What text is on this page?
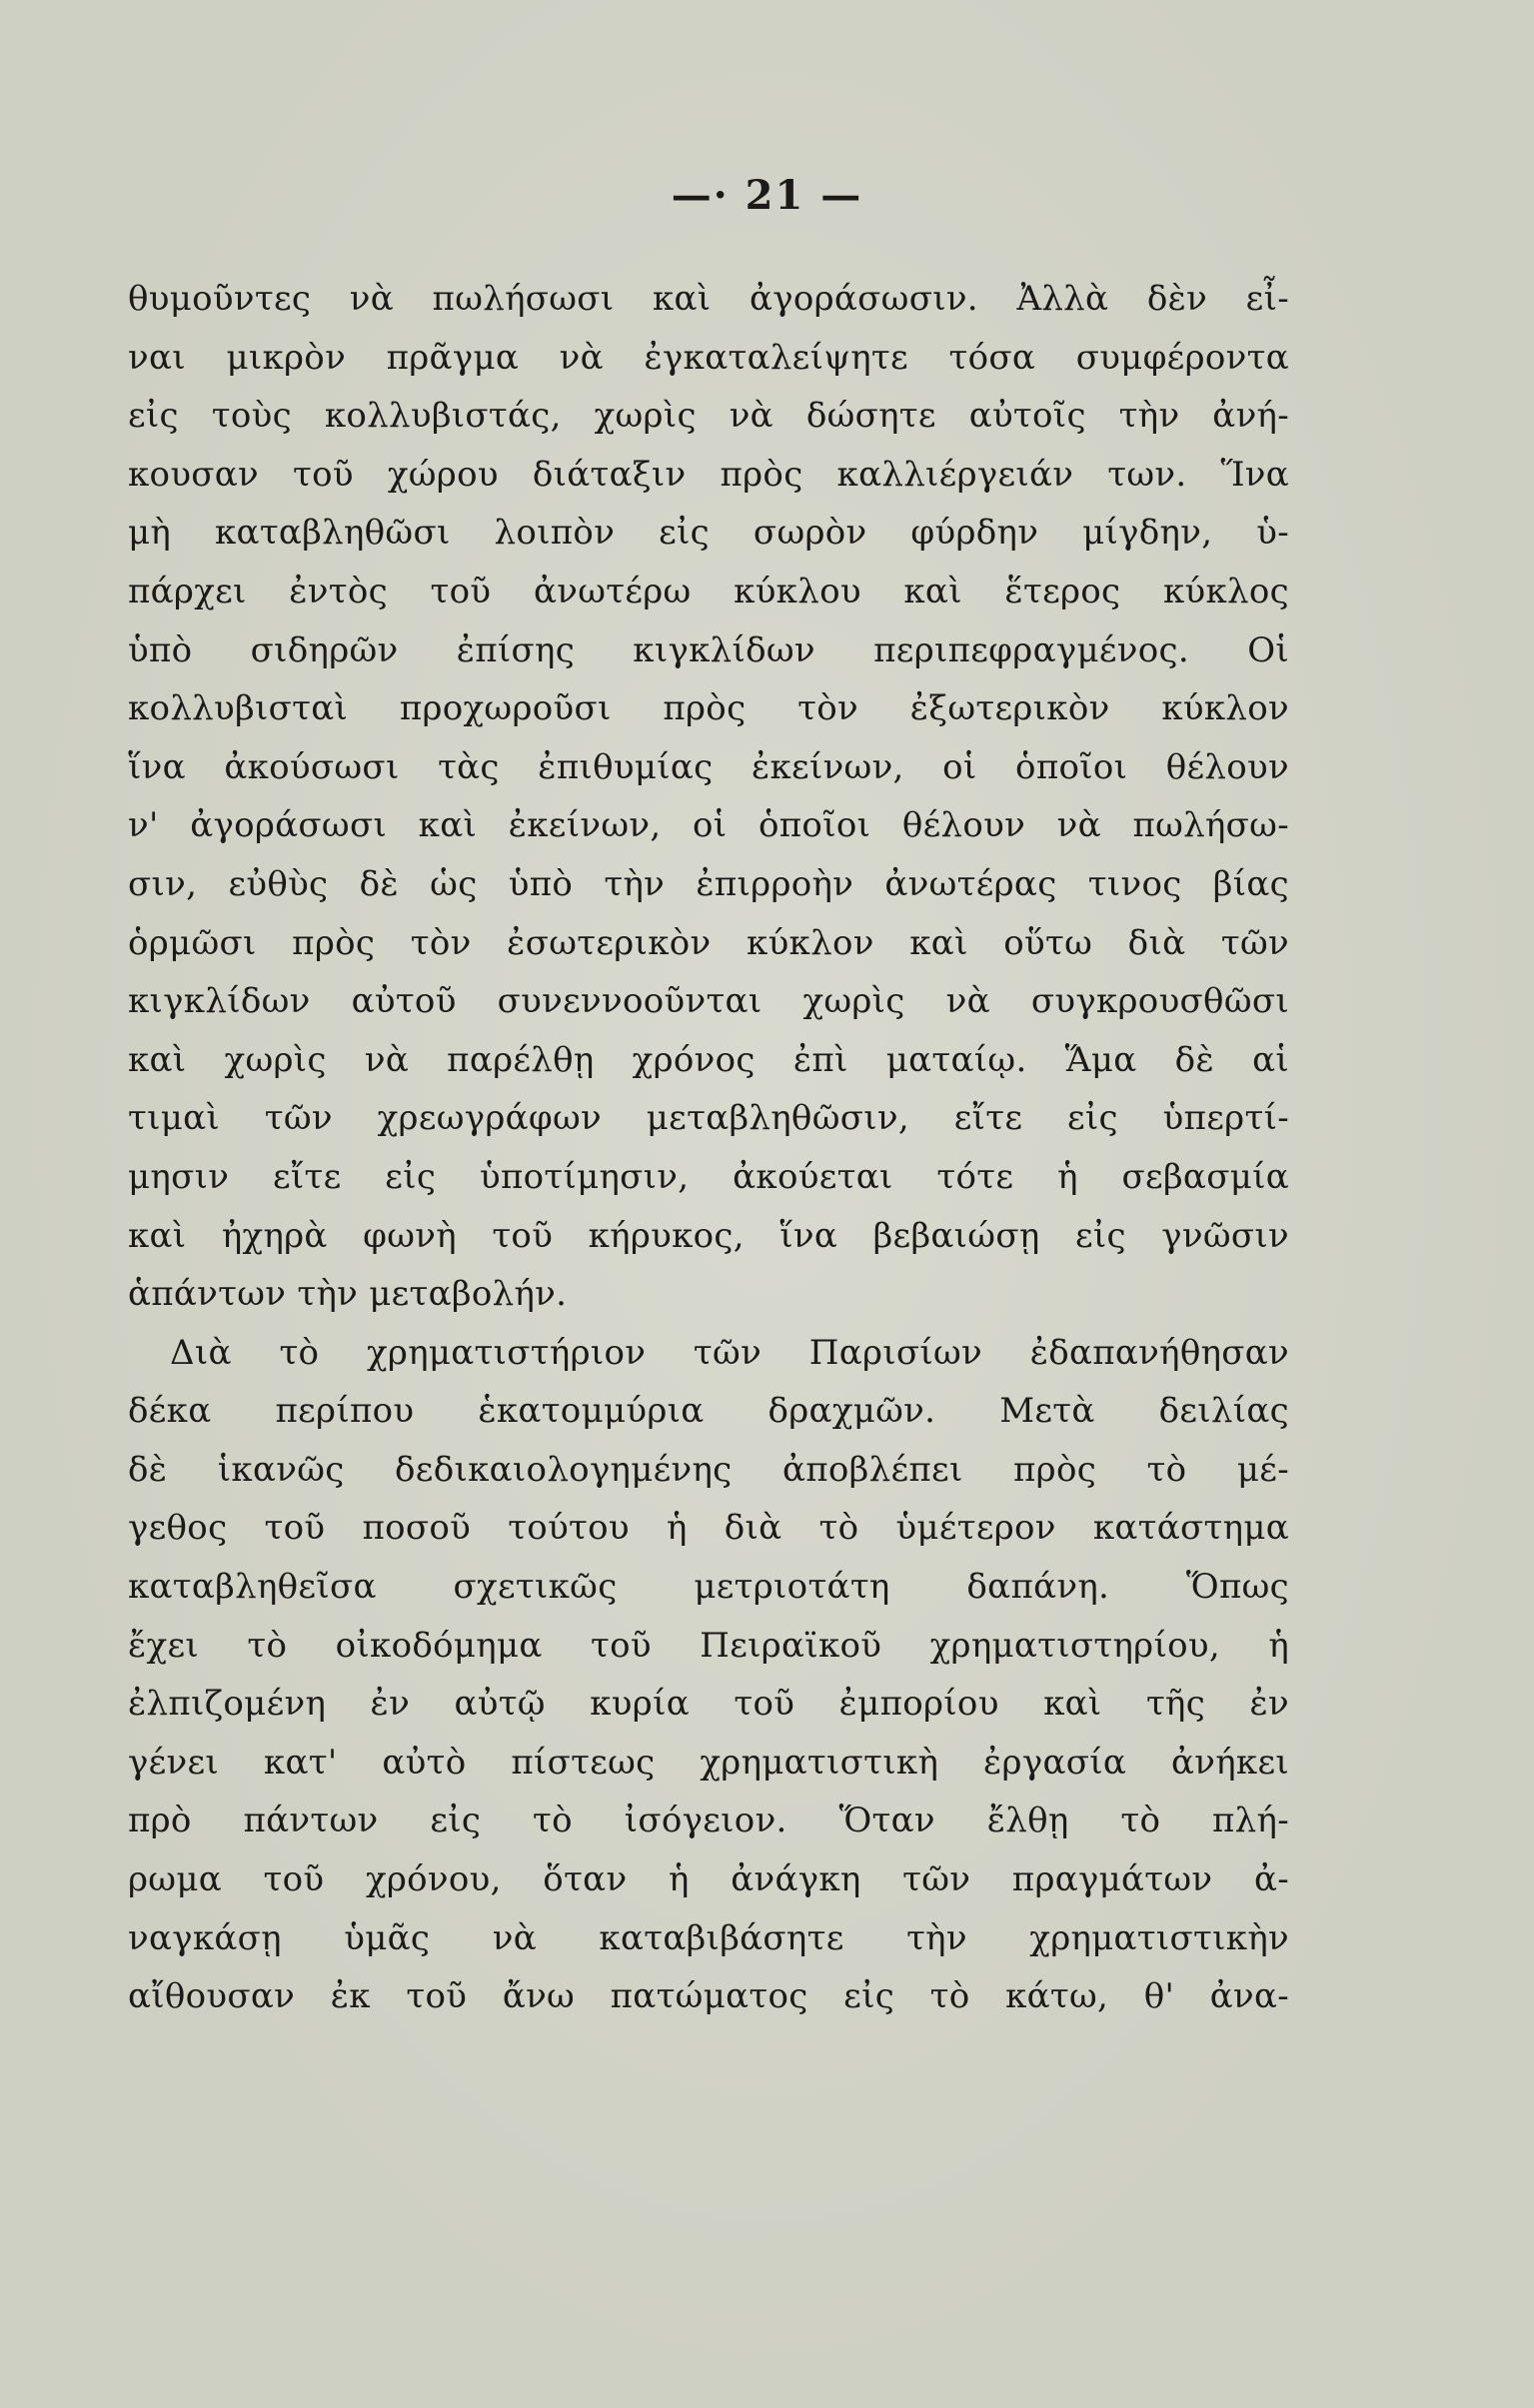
—· 21 —
θυμοῦντες νὰ πωλήσωσι καὶ ἀγοράσωσιν. Ἀλλὰ δὲν εἶ-
ναι μικρὸν πρᾶγμα νὰ ἐγκαταλείψητε τόσα συμφέροντα
εἰς τοὺς κολλυβιστάς, χωρὶς νὰ δώσητε αὐτοῖς τὴν ἀνή-
κουσαν τοῦ χώρου διάταξιν πρὸς καλλιέργειάν των. Ἵνα
μὴ καταβληθῶσι λοιπὸν εἰς σωρὸν φύρδην μίγδην, ὑ-
πάρχει ἐντὸς τοῦ ἀνωτέρω κύκλου καὶ ἕτερος κύκλος
ὑπὸ σιδηρῶν ἐπίσης κιγκλίδων περιπεφραγμένος. Οἱ
κολλυβισταὶ προχωροῦσι πρὸς τὸν ἐξωτερικὸν κύκλον
ἵνα ἀκούσωσι τὰς ἐπιθυμίας ἐκείνων, οἱ ὁποῖοι θέλουν
ν' ἀγοράσωσι καὶ ἐκείνων, οἱ ὁποῖοι θέλουν νὰ πωλήσω-
σιν, εὐθὺς δὲ ὡς ὑπὸ τὴν ἐπιρροὴν ἀνωτέρας τινος βίας
ὁρμῶσι πρὸς τὸν ἐσωτερικὸν κύκλον καὶ οὕτω διὰ τῶν
κιγκλίδων αὐτοῦ συνεννοοῦνται χωρὶς νὰ συγκρουσθῶσι
καὶ χωρὶς νὰ παρέλθῃ χρόνος ἐπὶ ματαίῳ. Ἅμα δὲ αἱ
τιμαὶ τῶν χρεωγράφων μεταβληθῶσιν, εἴτε εἰς ὑπερτί-
μησιν εἴτε εἰς ὑποτίμησιν, ἀκούεται τότε ἡ σεβασμία
καὶ ἠχηρὰ φωνὴ τοῦ κήρυκος, ἵνα βεβαιώσῃ εἰς γνῶσιν
ἁπάντων τὴν μεταβολήν.
Διὰ τὸ χρηματιστήριον τῶν Παρισίων ἐδαπανήθησαν
δέκα περίπου ἑκατομμύρια δραχμῶν. Μετὰ δειλίας
δὲ ἱκανῶς δεδικαιολογημένης ἀποβλέπει πρὸς τὸ μέ-
γεθος τοῦ ποσοῦ τούτου ἡ διὰ τὸ ὑμέτερον κατάστημα
καταβληθεῖσα σχετικῶς μετριοτάτη δαπάνη. Ὅπως
ἔχει τὸ οἰκοδόμημα τοῦ Πειραϊκοῦ χρηματιστηρίου, ἡ
ἐλπιζομένη ἐν αὐτῷ κυρία τοῦ ἐμπορίου καὶ τῆς ἐν
γένει κατ' αὐτὸ πίστεως χρηματιστικὴ ἐργασία ἀνήκει
πρὸ πάντων εἰς τὸ ἰσόγειον. Ὅταν ἔλθῃ τὸ πλή-
ρωμα τοῦ χρόνου, ὅταν ἡ ἀνάγκη τῶν πραγμάτων ἀ-
ναγκάσῃ ὑμᾶς νὰ καταβιβάσητε τὴν χρηματιστικὴν
αἴθουσαν ἐκ τοῦ ἄνω πατώματος εἰς τὸ κάτω, θ' ἀνα-
